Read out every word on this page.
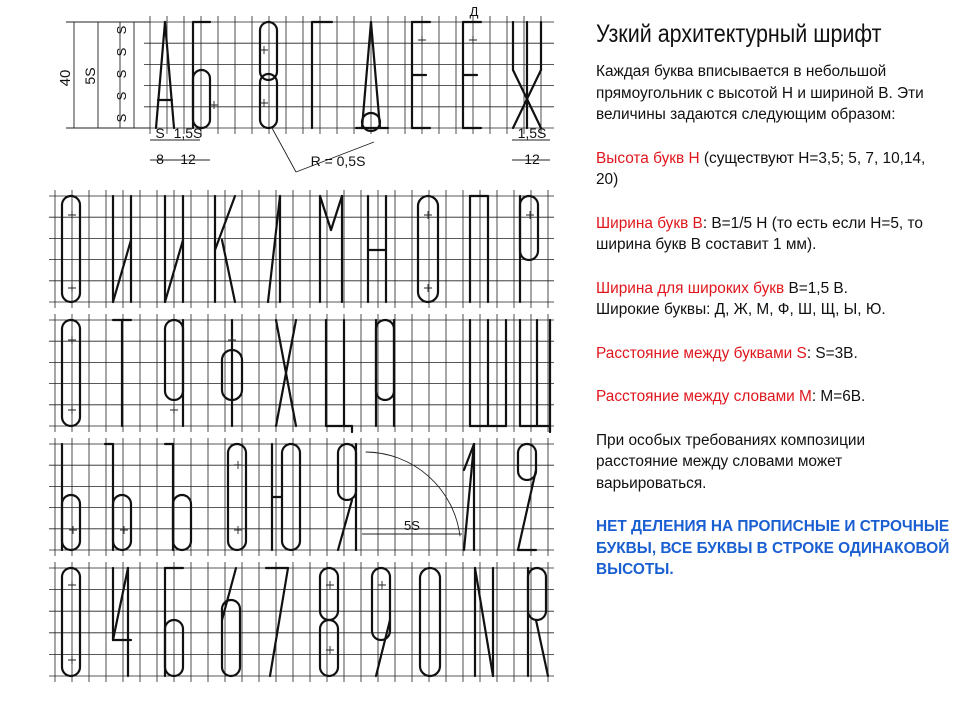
40 5S
S
S
S
S
S
S 1,5S
8 12	R = 0,5S
1,5S
12
5S
Д
Узкий архитектурный шрифт
Каждая буква вписывается в небольшой прямоугольник с высотой Н и шириной В. Эти величины задаются следующим образом:
Высота букв Н (существуют Н=3,5; 5, 7, 10,14, 20)
Ширина букв В: В=1/5 Н (то есть если Н=5, то ширина букв В составит 1 мм).
Ширина для широких букв В=1,5 В.
Широкие буквы: Д, Ж, М, Ф, Ш, Щ, Ы, Ю.
Расстояние между буквами S: S=3B.
Расстояние между словами М: М=6В.
При особых требованиях композиции расстояние между словами может варьироваться.
НЕТ ДЕЛЕНИЯ НА ПРОПИСНЫЕ И СТРОЧНЫЕ БУКВЫ, ВСЕ БУКВЫ В СТРОКЕ ОДИНАКОВОЙ ВЫСОТЫ.
